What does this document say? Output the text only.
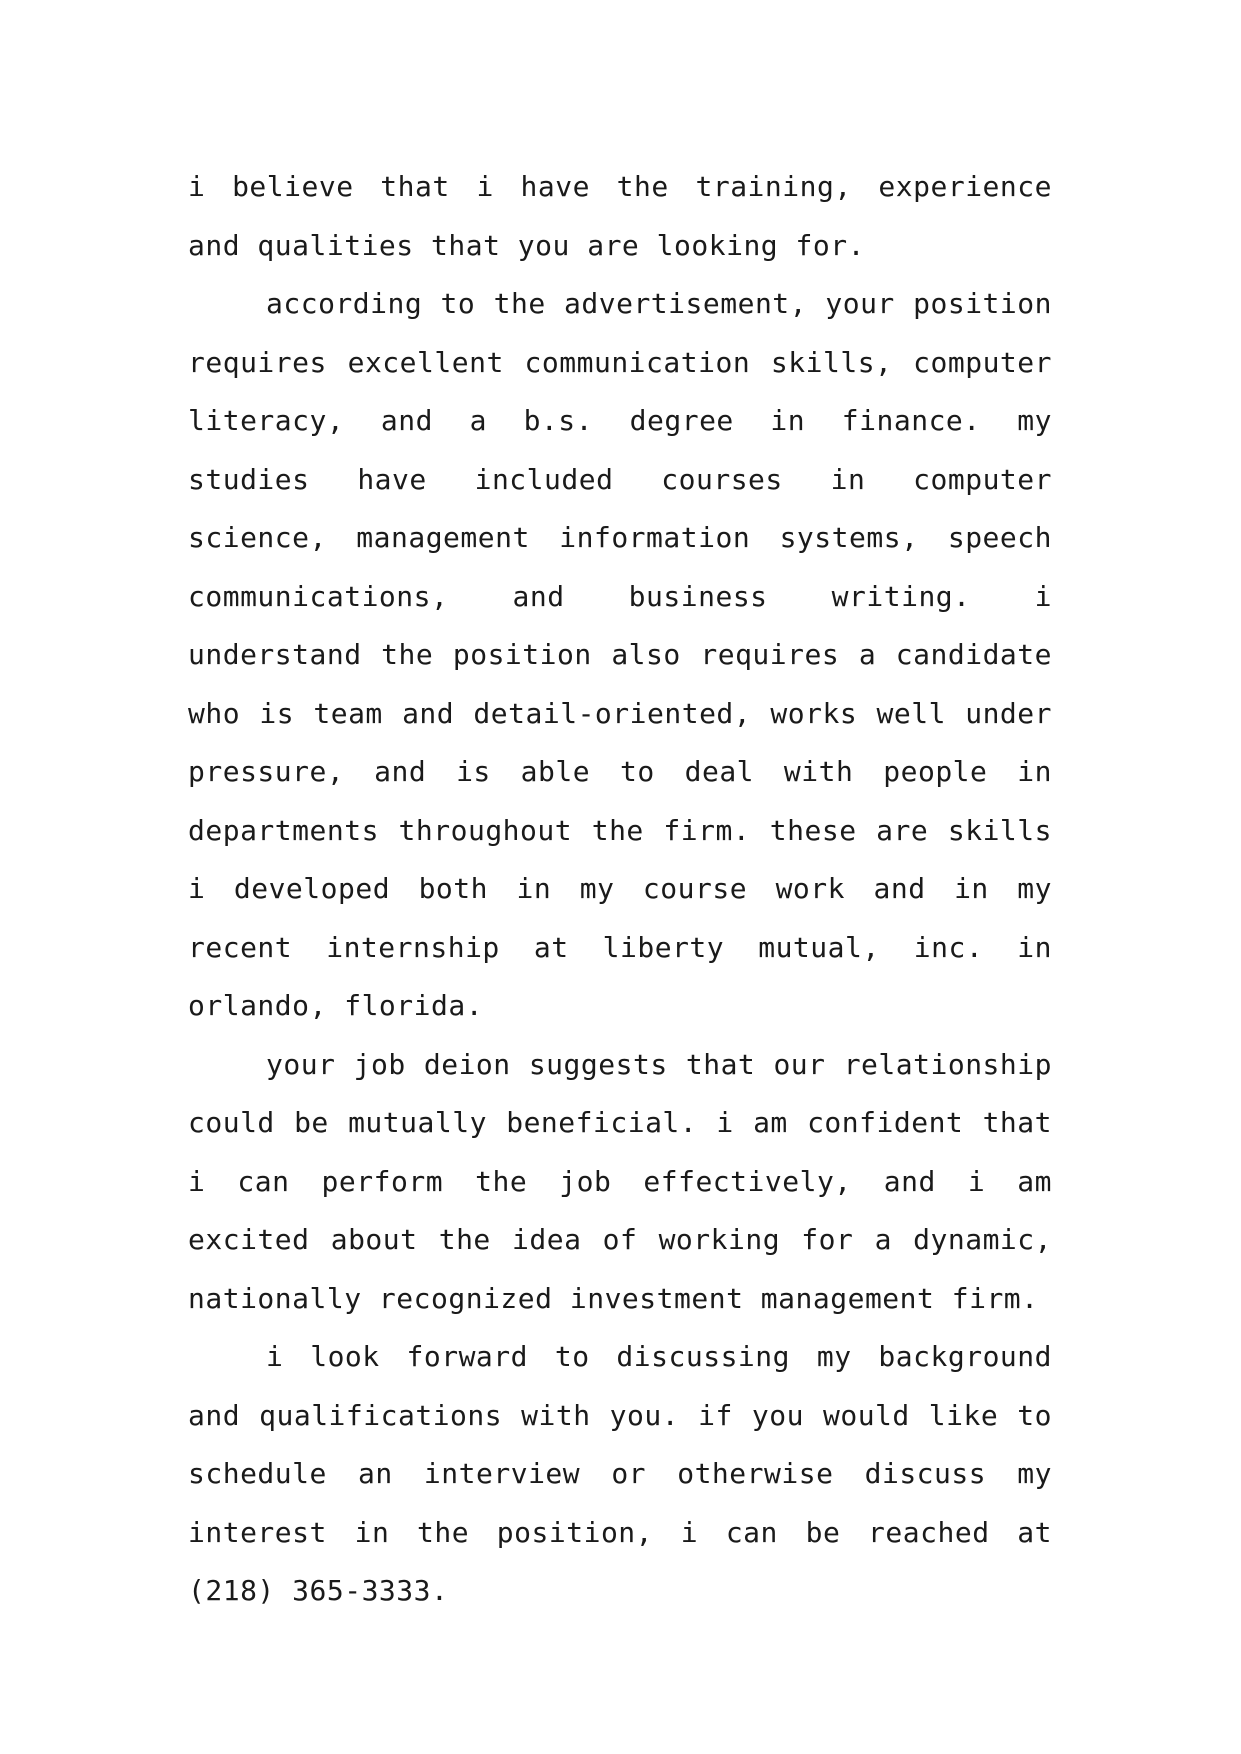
i believe that i have the training, experience and qualities that you are looking for.

according to the advertisement, your position requires excellent communication skills, computer literacy, and a b.s. degree in finance. my studies have included courses in computer science, management information systems, speech communications, and business writing. i understand the position also requires a candidate who is team and detail-oriented, works well under pressure, and is able to deal with people in departments throughout the firm. these are skills i developed both in my course work and in my recent internship at liberty mutual, inc. in orlando, florida.

your job deion suggests that our relationship could be mutually beneficial. i am confident that i can perform the job effectively, and i am excited about the idea of working for a dynamic, nationally recognized investment management firm.

i look forward to discussing my background and qualifications with you. if you would like to schedule an interview or otherwise discuss my interest in the position, i can be reached at (218) 365-3333.
